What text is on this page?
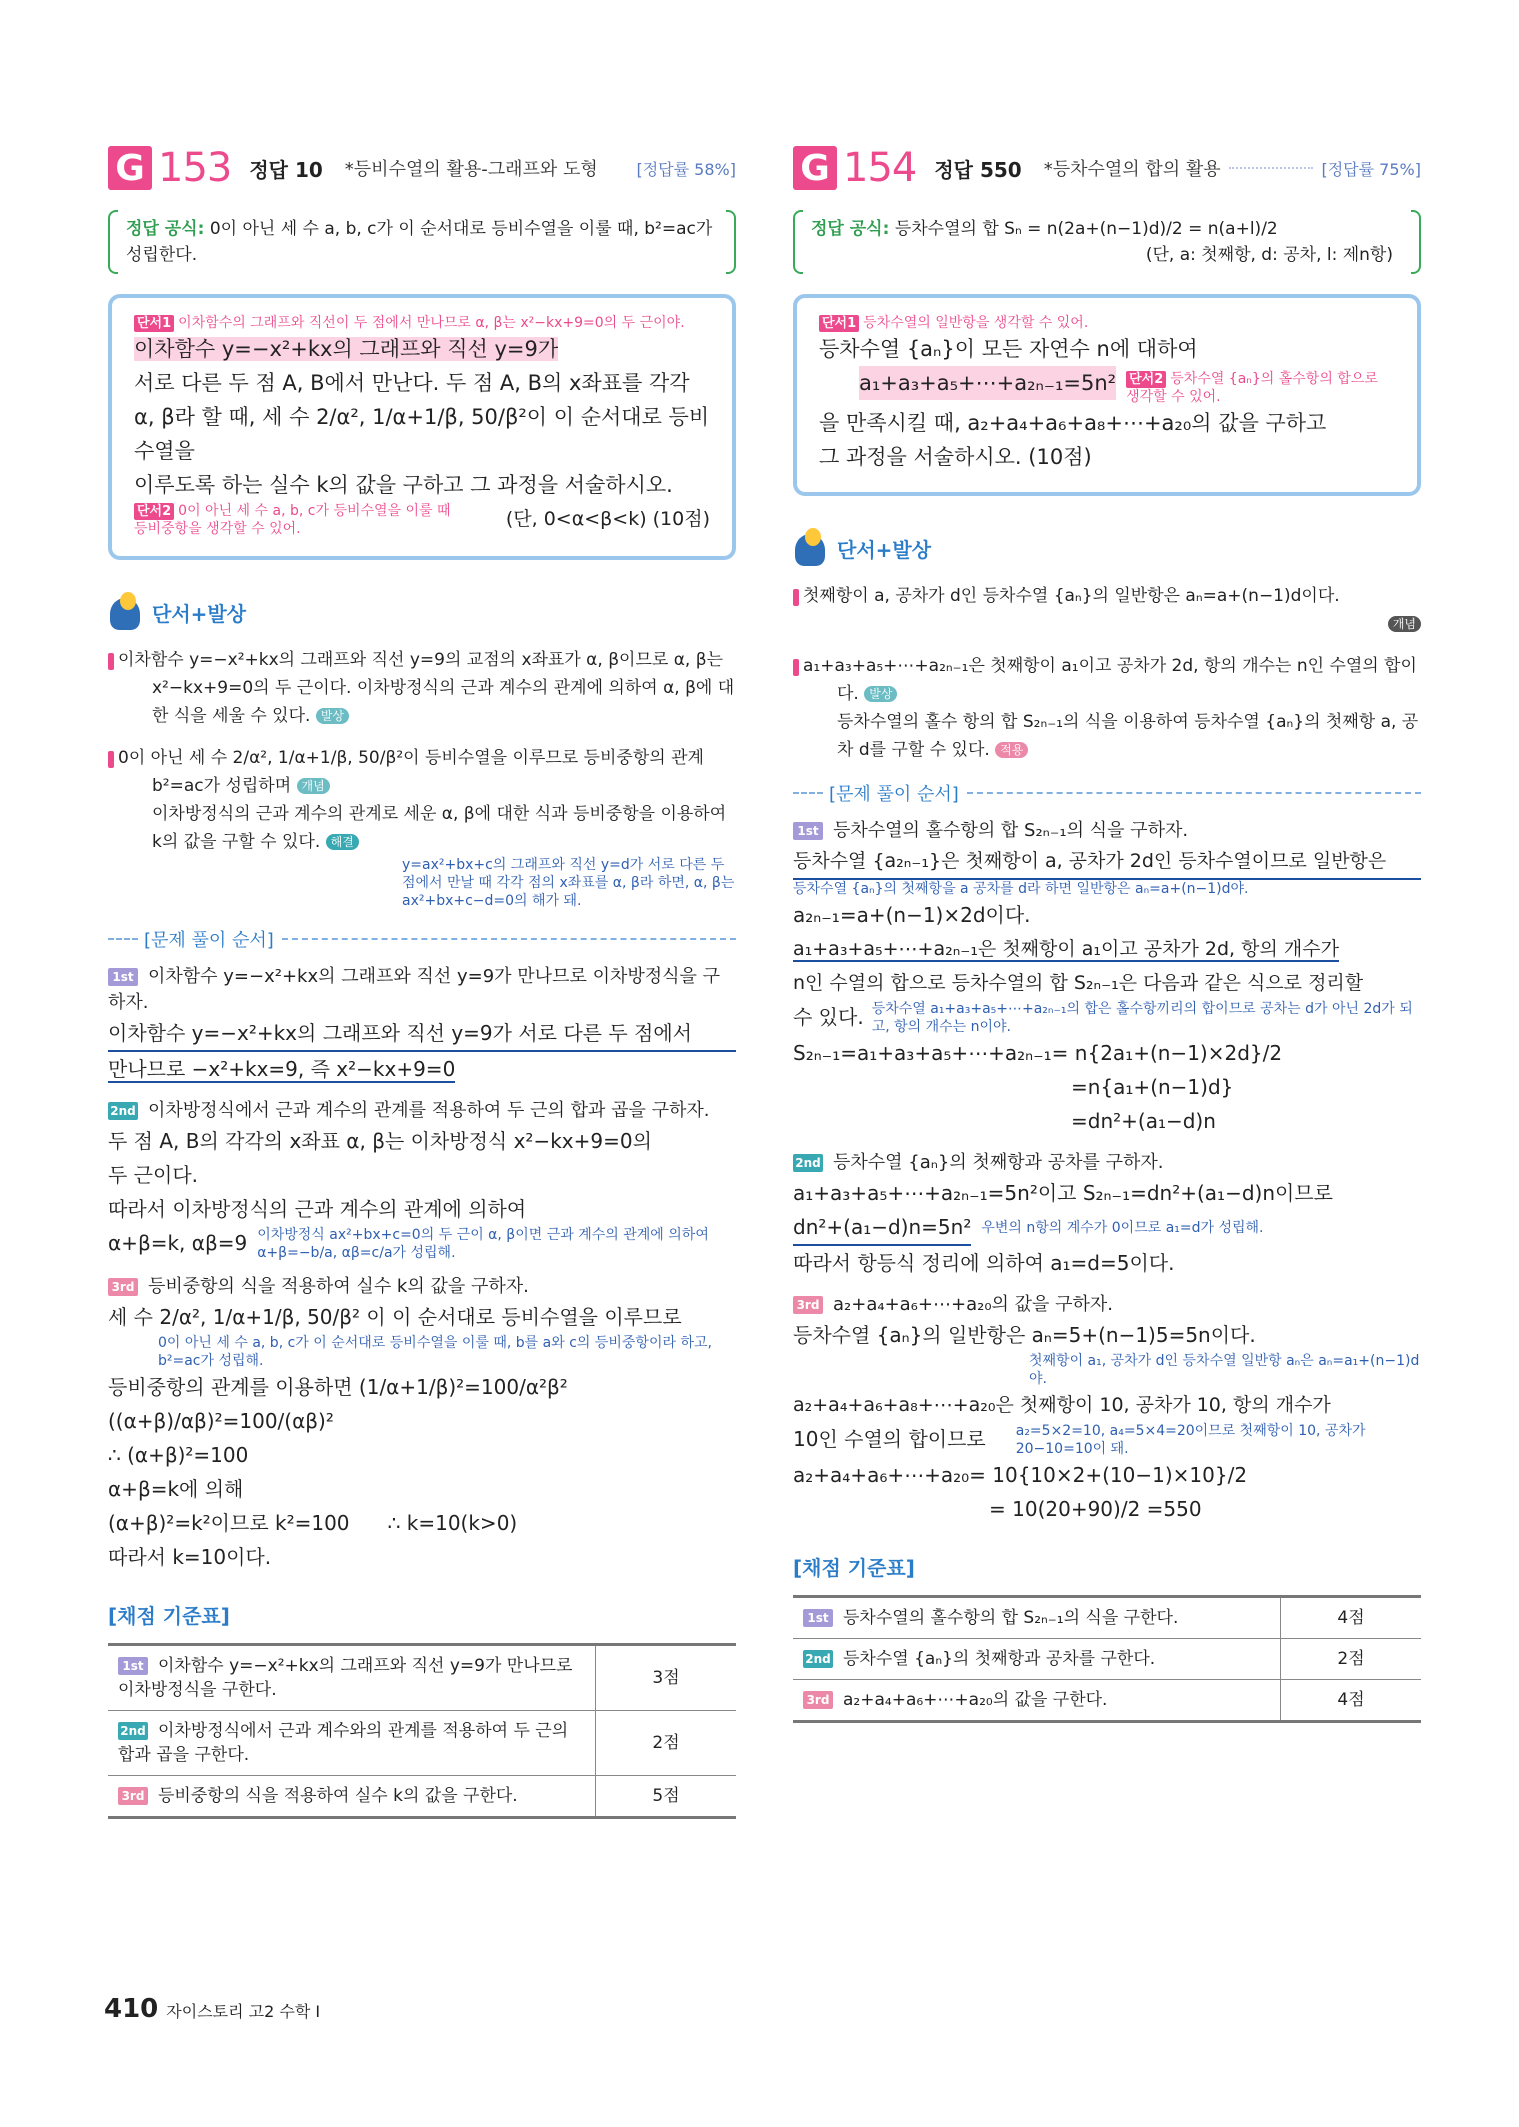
G 153 정답 10 *등비수열의 활용-그래프와 도형 [정답률 58%]
정답 공식: 0이 아닌 세 수 a, b, c가 이 순서대로 등비수열을 이룰 때, b²=ac가 성립한다.
단서1 이차함수의 그래프와 직선이 두 점에서 만나므로 α, β는 x²−kx+9=0의 두 근이야.
이차함수 y=−x²+kx의 그래프와 직선 y=9가
서로 다른 두 점 A, B에서 만난다. 두 점 A, B의 x좌표를 각각
α, β라 할 때, 세 수 2/α², 1/α+1/β, 50/β²이 이 순서대로 등비수열을
이루도록 하는 실수 k의 값을 구하고 그 과정을 서술하시오.
단서2 0이 아닌 세 수 a, b, c가 등비수열을 이룰 때 등비중항을 생각할 수 있어.	(단, 0<α<β<k) (10점)
단서+발상
단서1 이차함수 y=−x²+kx의 그래프와 직선 y=9의 교점의 x좌표가 α, β이므로 α, β는 x²−kx+9=0의 두 근이다. 이차방정식의 근과 계수의 관계에 의하여 α, β에 대한 식을 세울 수 있다. 발상
단서2 0이 아닌 세 수 2/α², 1/α+1/β, 50/β²이 등비수열을 이루므로 등비중항의 관계 b²=ac가 성립하며 개념
이차방정식의 근과 계수의 관계로 세운 α, β에 대한 식과 등비중항을 이용하여 k의 값을 구할 수 있다. 해결
y=ax²+bx+c의 그래프와 직선 y=d가 서로 다른 두 점에서 만날 때 각각 점의 x좌표를 α, β라 하면, α, β는 ax²+bx+c−d=0의 해가 돼.
[문제 풀이 순서]
1st 이차함수 y=−x²+kx의 그래프와 직선 y=9가 만나므로 이차방정식을 구하자.
이차함수 y=−x²+kx의 그래프와 직선 y=9가 서로 다른 두 점에서
만나므로 −x²+kx=9, 즉 x²−kx+9=0
2nd 이차방정식에서 근과 계수의 관계를 적용하여 두 근의 합과 곱을 구하자.
두 점 A, B의 각각의 x좌표 α, β는 이차방정식 x²−kx+9=0의
두 근이다.
따라서 이차방정식의 근과 계수의 관계에 의하여
α+β=k, αβ=9 이차방정식 ax²+bx+c=0의 두 근이 α, β이면 근과 계수의 관계에 의하여 α+β=−b/a, αβ=c/a가 성립해.
3rd 등비중항의 식을 적용하여 실수 k의 값을 구하자.
세 수 2/α², 1/α+1/β, 50/β² 이 이 순서대로 등비수열을 이루므로
0이 아닌 세 수 a, b, c가 이 순서대로 등비수열을 이룰 때, b를 a와 c의 등비중항이라 하고, b²=ac가 성립해.
등비중항의 관계를 이용하면 (1/α+1/β)²=100/α²β²
((α+β)/αβ)²=100/(αβ)²
∴ (α+β)²=100
α+β=k에 의해
(α+β)²=k²이므로 k²=100      ∴ k=10(k>0)
따라서 k=10이다.
[채점 기준표]
1st 이차함수 y=−x²+kx의 그래프와 직선 y=9가 만나므로 이차방정식을 구한다.	3점
2nd 이차방정식에서 근과 계수와의 관계를 적용하여 두 근의 합과 곱을 구한다.	2점
3rd 등비중항의 식을 적용하여 실수 k의 값을 구한다.	5점
G 154 정답 550 *등차수열의 합의 활용	[정답률 75%]
정답 공식: 등차수열의 합 Sₙ = n(2a+(n−1)d)/2 = n(a+l)/2
(단, a: 첫째항, d: 공차, l: 제n항)
단서1 등차수열의 일반항을 생각할 수 있어.
등차수열 {aₙ}이 모든 자연수 n에 대하여
a₁+a₃+a₅+⋯+a₂ₙ₋₁=5n² 단서2 등차수열 {aₙ}의 홀수항의 합으로 생각할 수 있어.
을 만족시킬 때, a₂+a₄+a₆+a₈+⋯+a₂₀의 값을 구하고
그 과정을 서술하시오. (10점)
단서+발상
단서1 첫째항이 a, 공차가 d인 등차수열 {aₙ}의 일반항은 aₙ=a+(n−1)d이다.
개념
단서2 a₁+a₃+a₅+⋯+a₂ₙ₋₁은 첫째항이 a₁이고 공차가 2d, 항의 개수는 n인 수열의 합이다. 발상
등차수열의 홀수 항의 합 S₂ₙ₋₁의 식을 이용하여 등차수열 {aₙ}의 첫째항 a, 공차 d를 구할 수 있다. 적용
[문제 풀이 순서]
1st 등차수열의 홀수항의 합 S₂ₙ₋₁의 식을 구하자.
등차수열 {a₂ₙ₋₁}은 첫째항이 a, 공차가 2d인 등차수열이므로 일반항은
등차수열 {aₙ}의 첫째항을 a 공차를 d라 하면 일반항은 aₙ=a+(n−1)d야.
a₂ₙ₋₁=a+(n−1)×2d이다.
a₁+a₃+a₅+⋯+a₂ₙ₋₁은 첫째항이 a₁이고 공차가 2d, 항의 개수가
n인 수열의 합으로 등차수열의 합 S₂ₙ₋₁은 다음과 같은 식으로 정리할
수 있다. 등차수열 a₁+a₃+a₅+⋯+a₂ₙ₋₁의 합은 홀수항끼리의 합이므로 공차는 d가 아닌 2d가 되고, 항의 개수는 n이야.
S₂ₙ₋₁=a₁+a₃+a₅+⋯+a₂ₙ₋₁= n{2a₁+(n−1)×2d}/2
=n{a₁+(n−1)d}
=dn²+(a₁−d)n
2nd 등차수열 {aₙ}의 첫째항과 공차를 구하자.
a₁+a₃+a₅+⋯+a₂ₙ₋₁=5n²이고 S₂ₙ₋₁=dn²+(a₁−d)n이므로
dn²+(a₁−d)n=5n² 우변의 n항의 계수가 0이므로 a₁=d가 성립해.
따라서 항등식 정리에 의하여 a₁=d=5이다.
3rd a₂+a₄+a₆+⋯+a₂₀의 값을 구하자.
등차수열 {aₙ}의 일반항은 aₙ=5+(n−1)5=5n이다.
첫째항이 a₁, 공차가 d인 등차수열 일반항 aₙ은 aₙ=a₁+(n−1)d야.
a₂+a₄+a₆+a₈+⋯+a₂₀은 첫째항이 10, 공차가 10, 항의 개수가
10인 수열의 합이므로 a₂=5×2=10, a₄=5×4=20이므로 첫째항이 10, 공차가 20−10=10이 돼.
a₂+a₄+a₆+⋯+a₂₀= 10{10×2+(10−1)×10}/2
= 10(20+90)/2 =550
[채점 기준표]
1st 등차수열의 홀수항의 합 S₂ₙ₋₁의 식을 구한다.	4점
2nd 등차수열 {aₙ}의 첫째항과 공차를 구한다.	2점
3rd a₂+a₄+a₆+⋯+a₂₀의 값을 구한다.	4점
410 자이스토리 고2 수학 I
